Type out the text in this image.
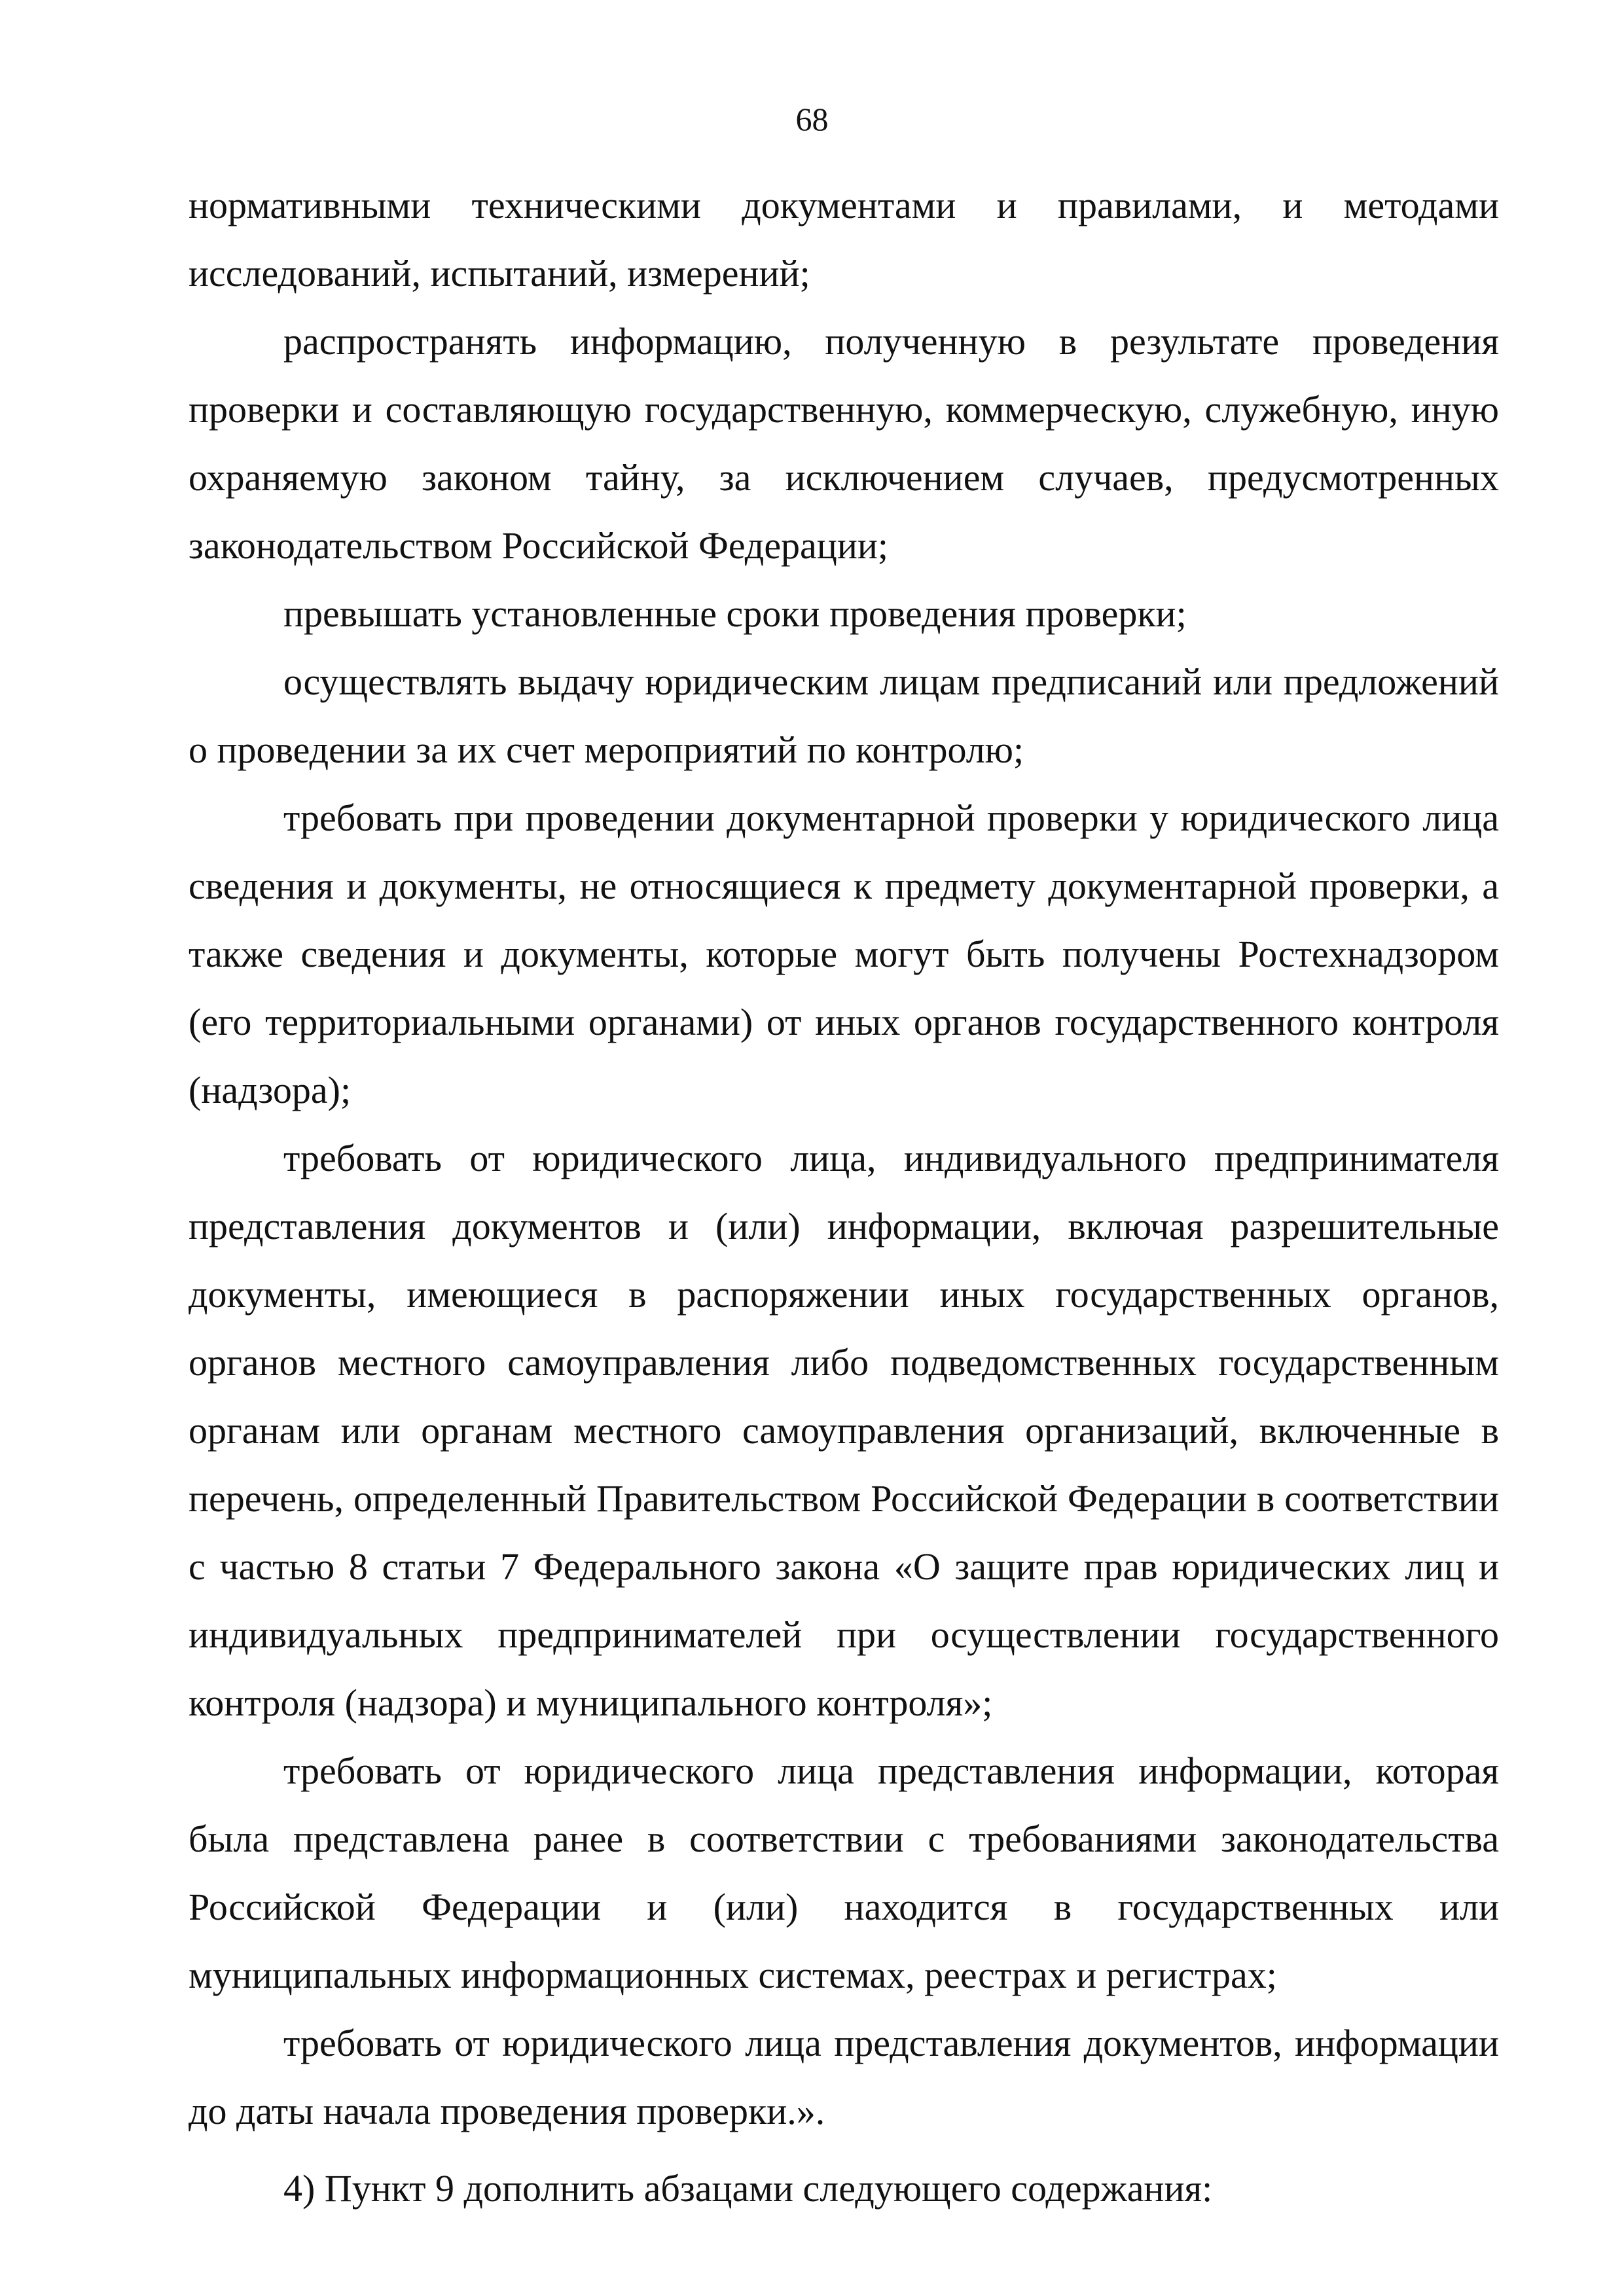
68

нормативными техническими документами и правилами, и методами исследований, испытаний, измерений;

распространять информацию, полученную в результате проведения проверки и составляющую государственную, коммерческую, служебную, иную охраняемую законом тайну, за исключением случаев, предусмотренных законодательством Российской Федерации;

превышать установленные сроки проведения проверки;

осуществлять выдачу юридическим лицам предписаний или предложений о проведении за их счет мероприятий по контролю;

требовать при проведении документарной проверки у юридического лица сведения и документы, не относящиеся к предмету документарной проверки, а также сведения и документы, которые могут быть получены Ростехнадзором (его территориальными органами) от иных органов государственного контроля (надзора);

требовать от юридического лица, индивидуального предпринимателя представления документов и (или) информации, включая разрешительные документы, имеющиеся в распоряжении иных государственных органов, органов местного самоуправления либо подведомственных государственным органам или органам местного самоуправления организаций, включенные в перечень, определенный Правительством Российской Федерации в соответствии с частью 8 статьи 7 Федерального закона «О защите прав юридических лиц и индивидуальных предпринимателей при осуществлении государственного контроля (надзора) и муниципального контроля»;

требовать от юридического лица представления информации, которая была представлена ранее в соответствии с требованиями законодательства Российской Федерации и (или) находится в государственных или муниципальных информационных системах, реестрах и регистрах;

требовать от юридического лица представления документов, информации до даты начала проведения проверки.».

4) Пункт 9 дополнить абзацами следующего содержания:
